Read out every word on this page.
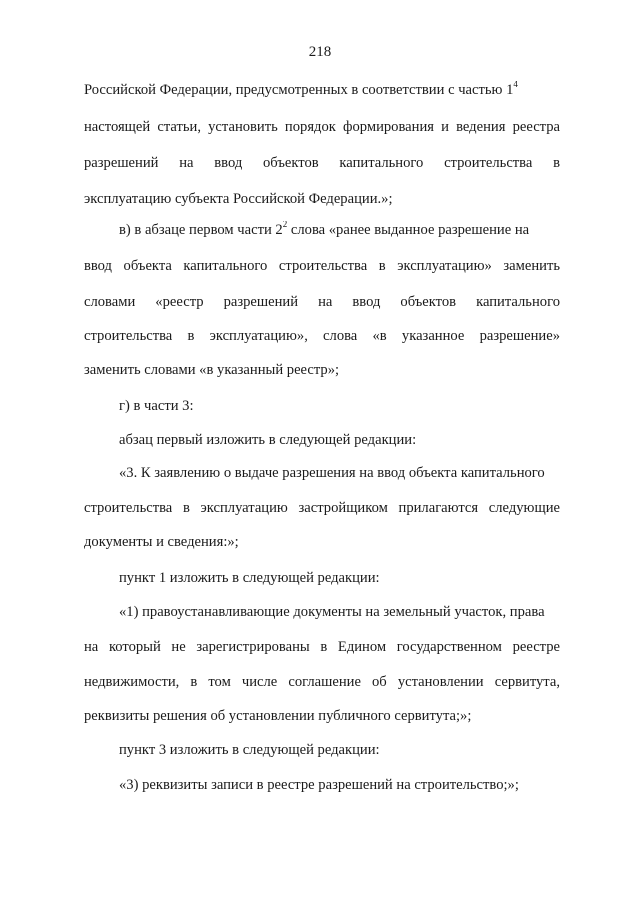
218
Российской Федерации, предусмотренных в соответствии с частью $1^4$
настоящей статьи, установить порядок формирования и ведения реестра
разрешений на ввод объектов капитального строительства в
эксплуатацию субъекта Российской Федерации.»;
в) в абзаце первом части $2^2$ слова «ранее выданное разрешение на
ввод объекта капитального строительства в эксплуатацию» заменить
словами «реестр разрешений на ввод объектов капитального
строительства в эксплуатацию», слова «в указанное разрешение»
заменить словами «в указанный реестр»;
г) в части 3:
абзац первый изложить в следующей редакции:
«3. К заявлению о выдаче разрешения на ввод объекта капитального
строительства в эксплуатацию застройщиком прилагаются следующие
документы и сведения:»;
пункт 1 изложить в следующей редакции:
«1) правоустанавливающие документы на земельный участок, права
на который не зарегистрированы в Едином государственном реестре
недвижимости, в том числе соглашение об установлении сервитута,
реквизиты решения об установлении публичного сервитута;»;
пункт 3 изложить в следующей редакции:
«3) реквизиты записи в реестре разрешений на строительство;»;
